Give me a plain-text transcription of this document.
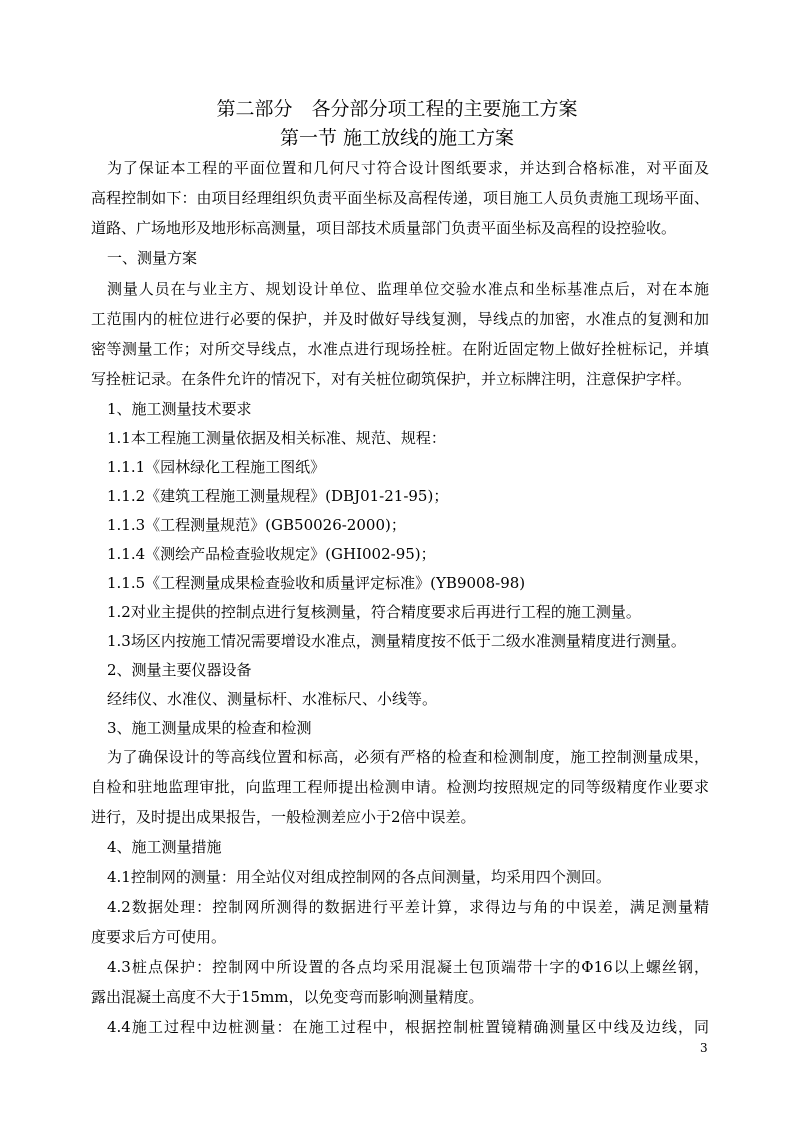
第二部分　各分部分项工程的主要施工方案
第一节 施工放线的施工方案
为了保证本工程的平面位置和几何尺寸符合设计图纸要求，并达到合格标准，对平面及
高程控制如下：由项目经理组织负责平面坐标及高程传递，项目施工人员负责施工现场平面、
道路、广场地形及地形标高测量，项目部技术质量部门负责平面坐标及高程的设控验收。
一、测量方案
测量人员在与业主方、规划设计单位、监理单位交验水准点和坐标基准点后，对在本施
工范围内的桩位进行必要的保护，并及时做好导线复测，导线点的加密，水准点的复测和加
密等测量工作；对所交导线点，水准点进行现场拴桩。在附近固定物上做好拴桩标记，并填
写拴桩记录。在条件允许的情况下，对有关桩位砌筑保护，并立标牌注明，注意保护字样。
1、施工测量技术要求
1.1本工程施工测量依据及相关标准、规范、规程：
1.1.1《园林绿化工程施工图纸》
1.1.2《建筑工程施工测量规程》(DBJ01-21-95)；
1.1.3《工程测量规范》(GB50026-2000)；
1.1.4《测绘产品检查验收规定》(GHI002-95)；
1.1.5《工程测量成果检查验收和质量评定标准》(YB9008-98)
1.2对业主提供的控制点进行复核测量，符合精度要求后再进行工程的施工测量。
1.3场区内按施工情况需要增设水准点，测量精度按不低于二级水准测量精度进行测量。
2、测量主要仪器设备
经纬仪、水准仪、测量标杆、水准标尺、小线等。
3、施工测量成果的检查和检测
为了确保设计的等高线位置和标高，必须有严格的检查和检测制度，施工控制测量成果，
自检和驻地监理审批，向监理工程师提出检测申请。检测均按照规定的同等级精度作业要求
进行，及时提出成果报告，一般检测差应小于2倍中误差。
4、施工测量措施
4.1控制网的测量：用全站仪对组成控制网的各点间测量，均采用四个测回。
4.2数据处理：控制网所测得的数据进行平差计算，求得边与角的中误差，满足测量精
度要求后方可使用。
4.3桩点保护：控制网中所设置的各点均采用混凝土包顶端带十字的Φ16以上螺丝钢，
露出混凝土高度不大于15mm，以免变弯而影响测量精度。
4.4施工过程中边桩测量：在施工过程中，根据控制桩置镜精确测量区中线及边线，同
3
